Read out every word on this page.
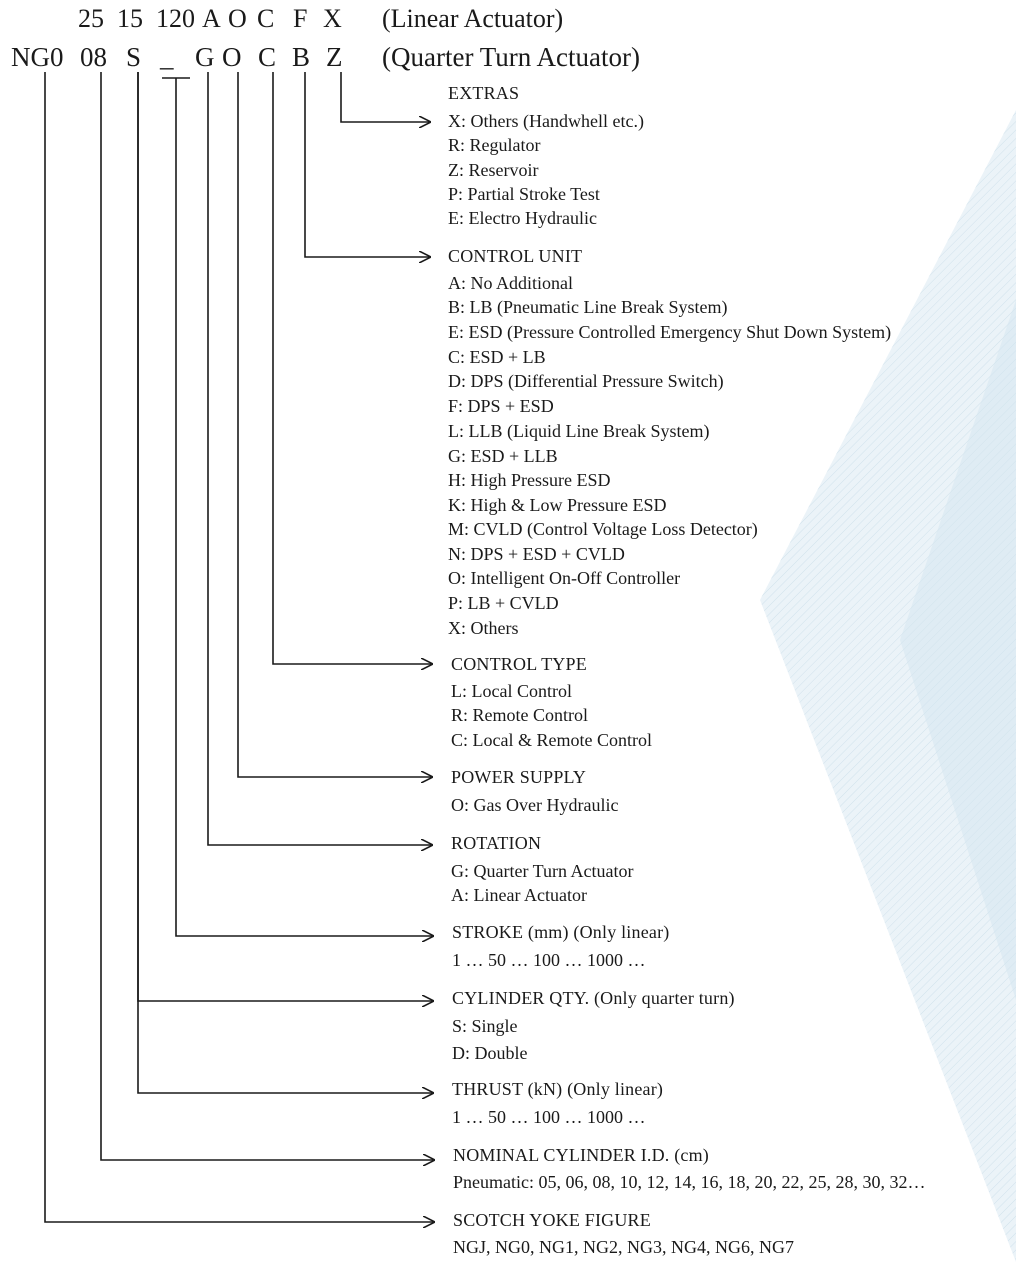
25 15 120 A O C F X (Linear Actuator)
NG0 08 S _ G O C B Z (Quarter Turn Actuator)
EXTRAS
X: Others (Handwhell etc.)
R: Regulator
Z: Reservoir
P: Partial Stroke Test
E: Electro Hydraulic
CONTROL UNIT
A: No Additional
B: LB (Pneumatic Line Break System)
E: ESD (Pressure Controlled Emergency Shut Down System)
C: ESD + LB
D: DPS (Differential Pressure Switch)
F: DPS + ESD
L: LLB (Liquid Line Break System)
G: ESD + LLB
H: High Pressure ESD
K: High & Low Pressure ESD
M: CVLD (Control Voltage Loss Detector)
N: DPS + ESD + CVLD
O: Intelligent On-Off Controller
P: LB + CVLD
X: Others
CONTROL TYPE
L: Local Control
R: Remote Control
C: Local & Remote Control
POWER SUPPLY
O: Gas Over Hydraulic
ROTATION
G: Quarter Turn Actuator
A: Linear Actuator
STROKE (mm) (Only linear)
1 … 50 … 100 … 1000 …
CYLINDER QTY. (Only quarter turn)
S: Single
D: Double
THRUST (kN) (Only linear)
1 … 50 … 100 … 1000 …
NOMINAL CYLINDER I.D. (cm)
Pneumatic: 05, 06, 08, 10, 12, 14, 16, 18, 20, 22, 25, 28, 30, 32…
SCOTCH YOKE FIGURE
NGJ, NG0, NG1, NG2, NG3, NG4, NG6, NG7
